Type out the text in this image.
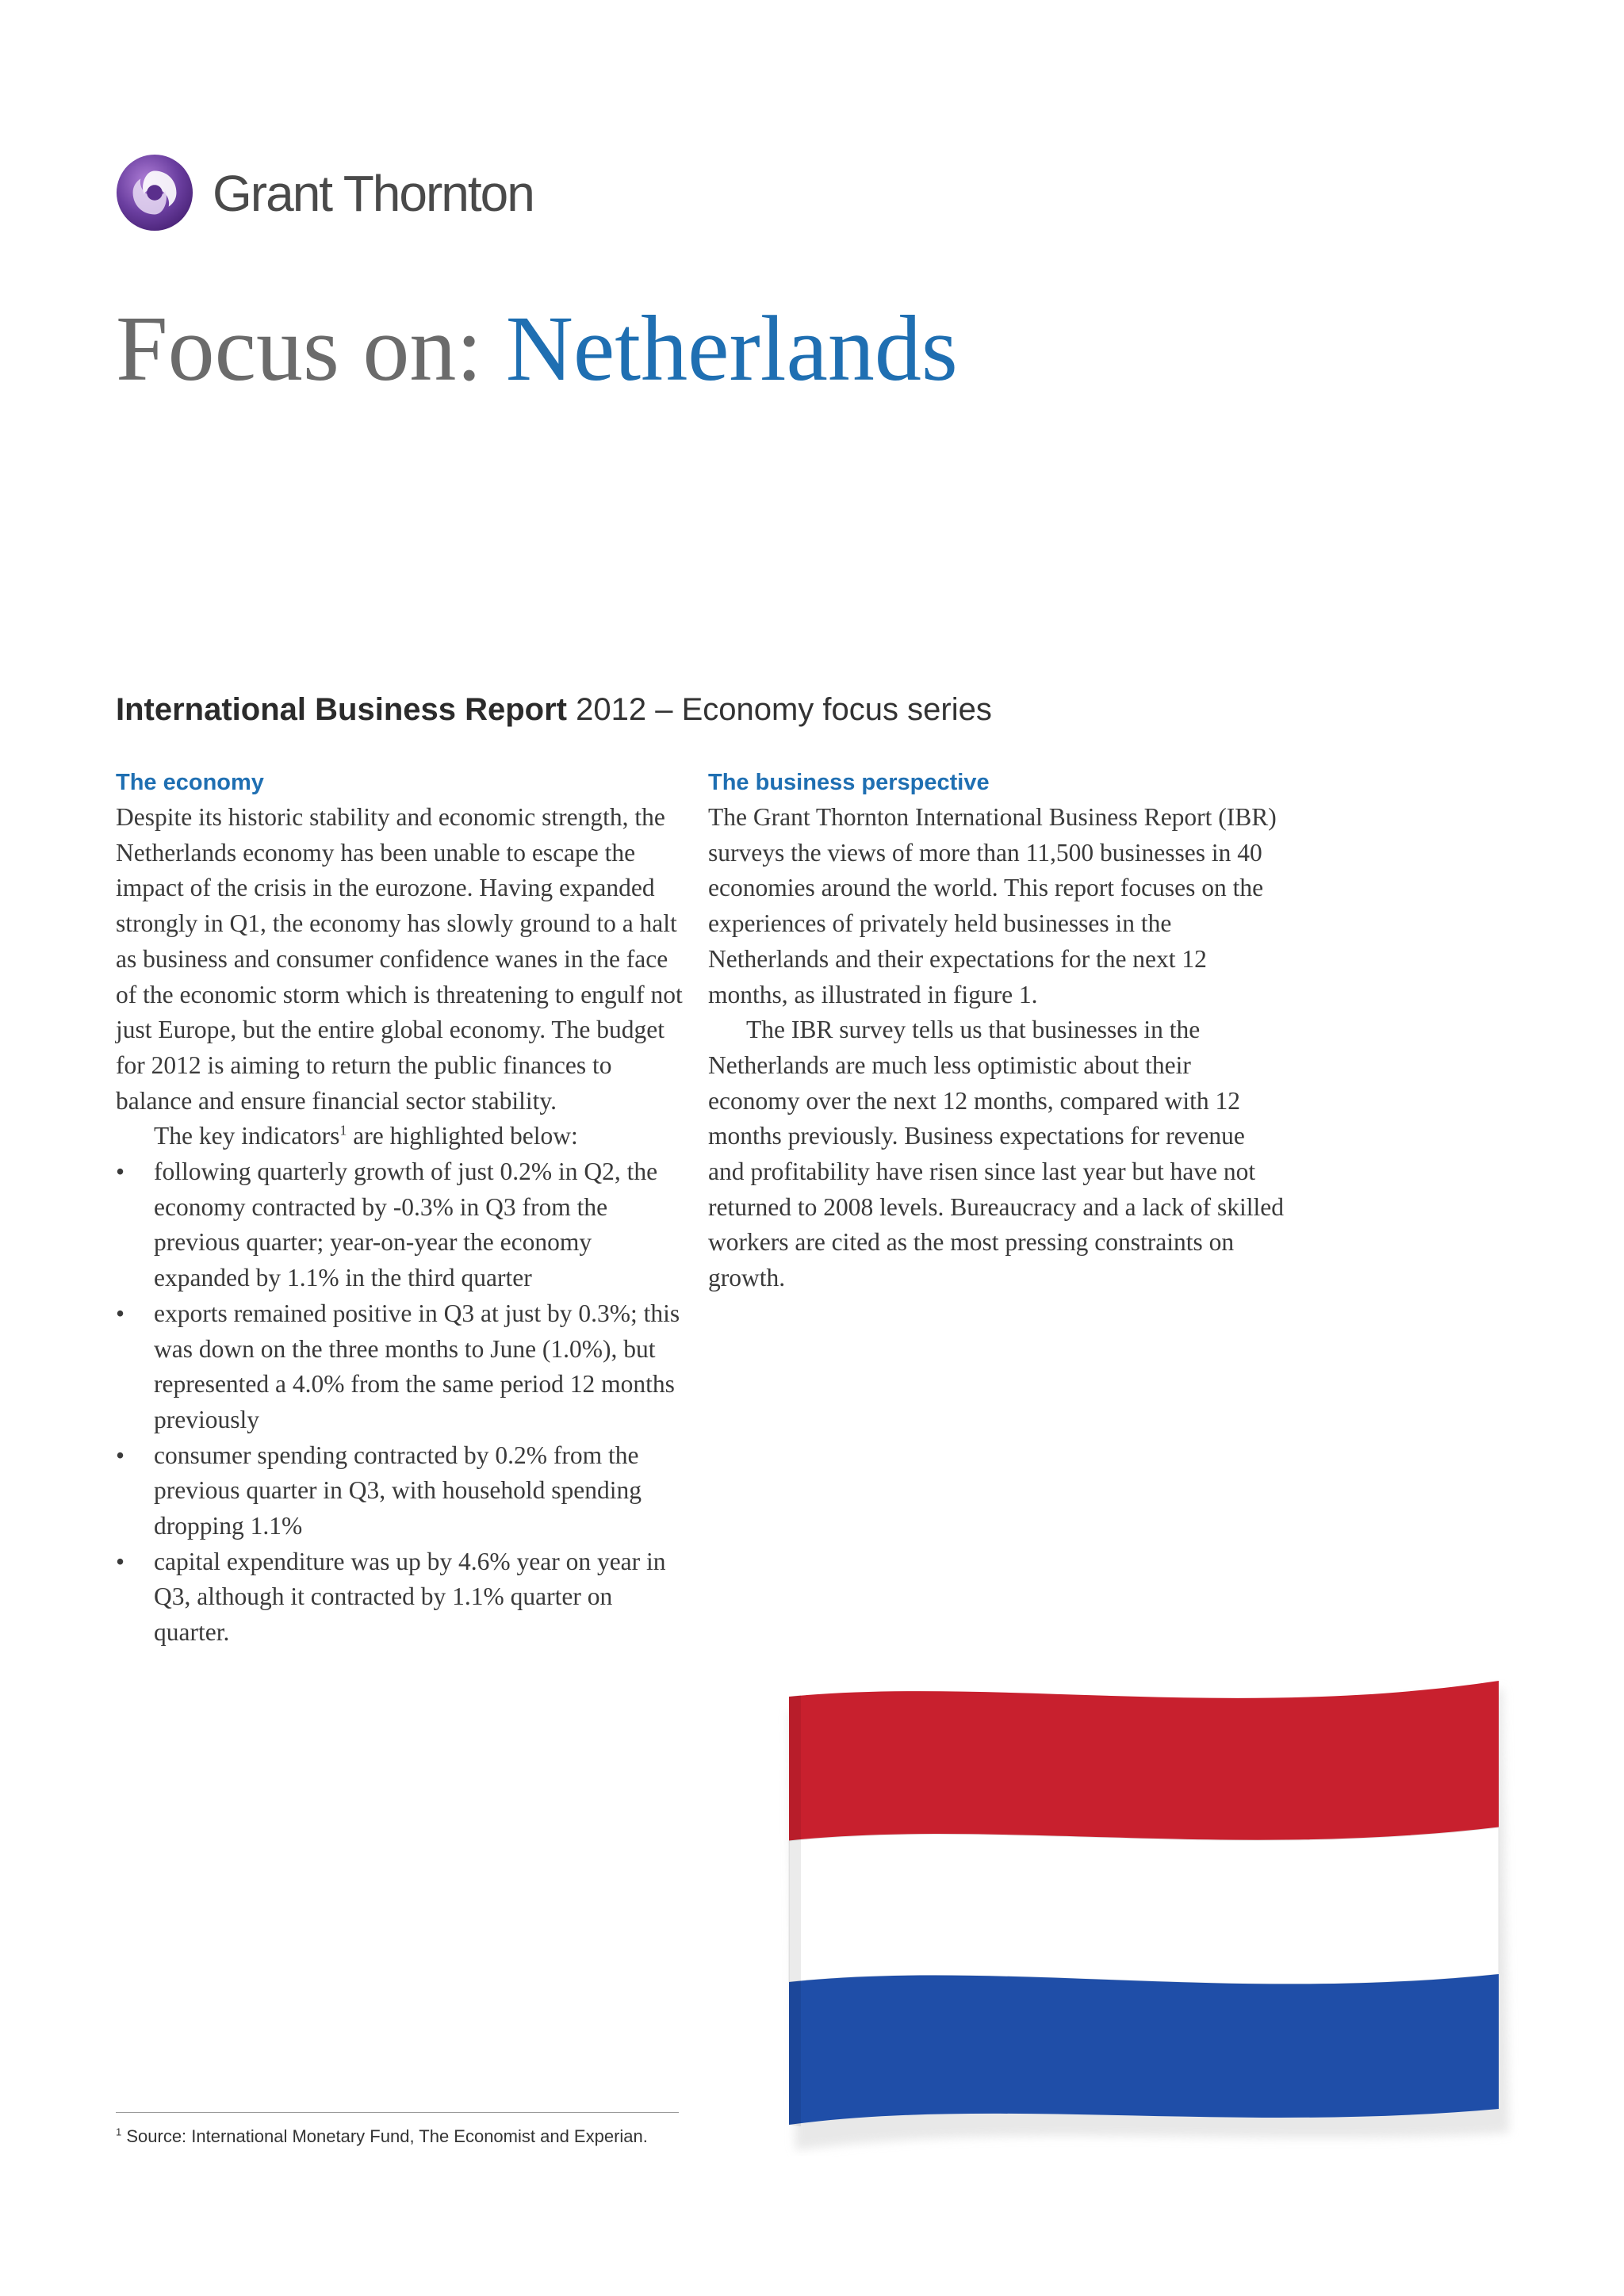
Grant Thornton
Focus on: Netherlands
International Business Report 2012 – Economy focus series
The economy

Despite its historic stability and economic strength, the Netherlands economy has been unable to escape the impact of the crisis in the eurozone. Having expanded strongly in Q1, the economy has slowly ground to a halt as business and consumer confidence wanes in the face of the economic storm which is threatening to engulf not just Europe, but the entire global economy. The budget for 2012 is aiming to return the public finances to balance and ensure financial sector stability.

The key indicators$^1$ are highlighted below:

• following quarterly growth of just 0.2% in Q2, the economy contracted by -0.3% in Q3 from the previous quarter; year-on-year the economy expanded by 1.1% in the third quarter
• exports remained positive in Q3 at just by 0.3%; this was down on the three months to June (1.0%), but represented a 4.0% from the same period 12 months previously
• consumer spending contracted by 0.2% from the previous quarter in Q3, with household spending dropping 1.1%
• capital expenditure was up by 4.6% year on year in Q3, although it contracted by 1.1% quarter on quarter.
The business perspective

The Grant Thornton International Business Report (IBR) surveys the views of more than 11,500 businesses in 40 economies around the world. This report focuses on the experiences of privately held businesses in the Netherlands and their expectations for the next 12 months, as illustrated in figure 1.

The IBR survey tells us that businesses in the Netherlands are much less optimistic about their economy over the next 12 months, compared with 12 months previously. Business expectations for revenue and profitability have risen since last year but have not returned to 2008 levels. Bureaucracy and a lack of skilled workers are cited as the most pressing constraints on growth.

$^1$ Source: International Monetary Fund, The Economist and Experian.
